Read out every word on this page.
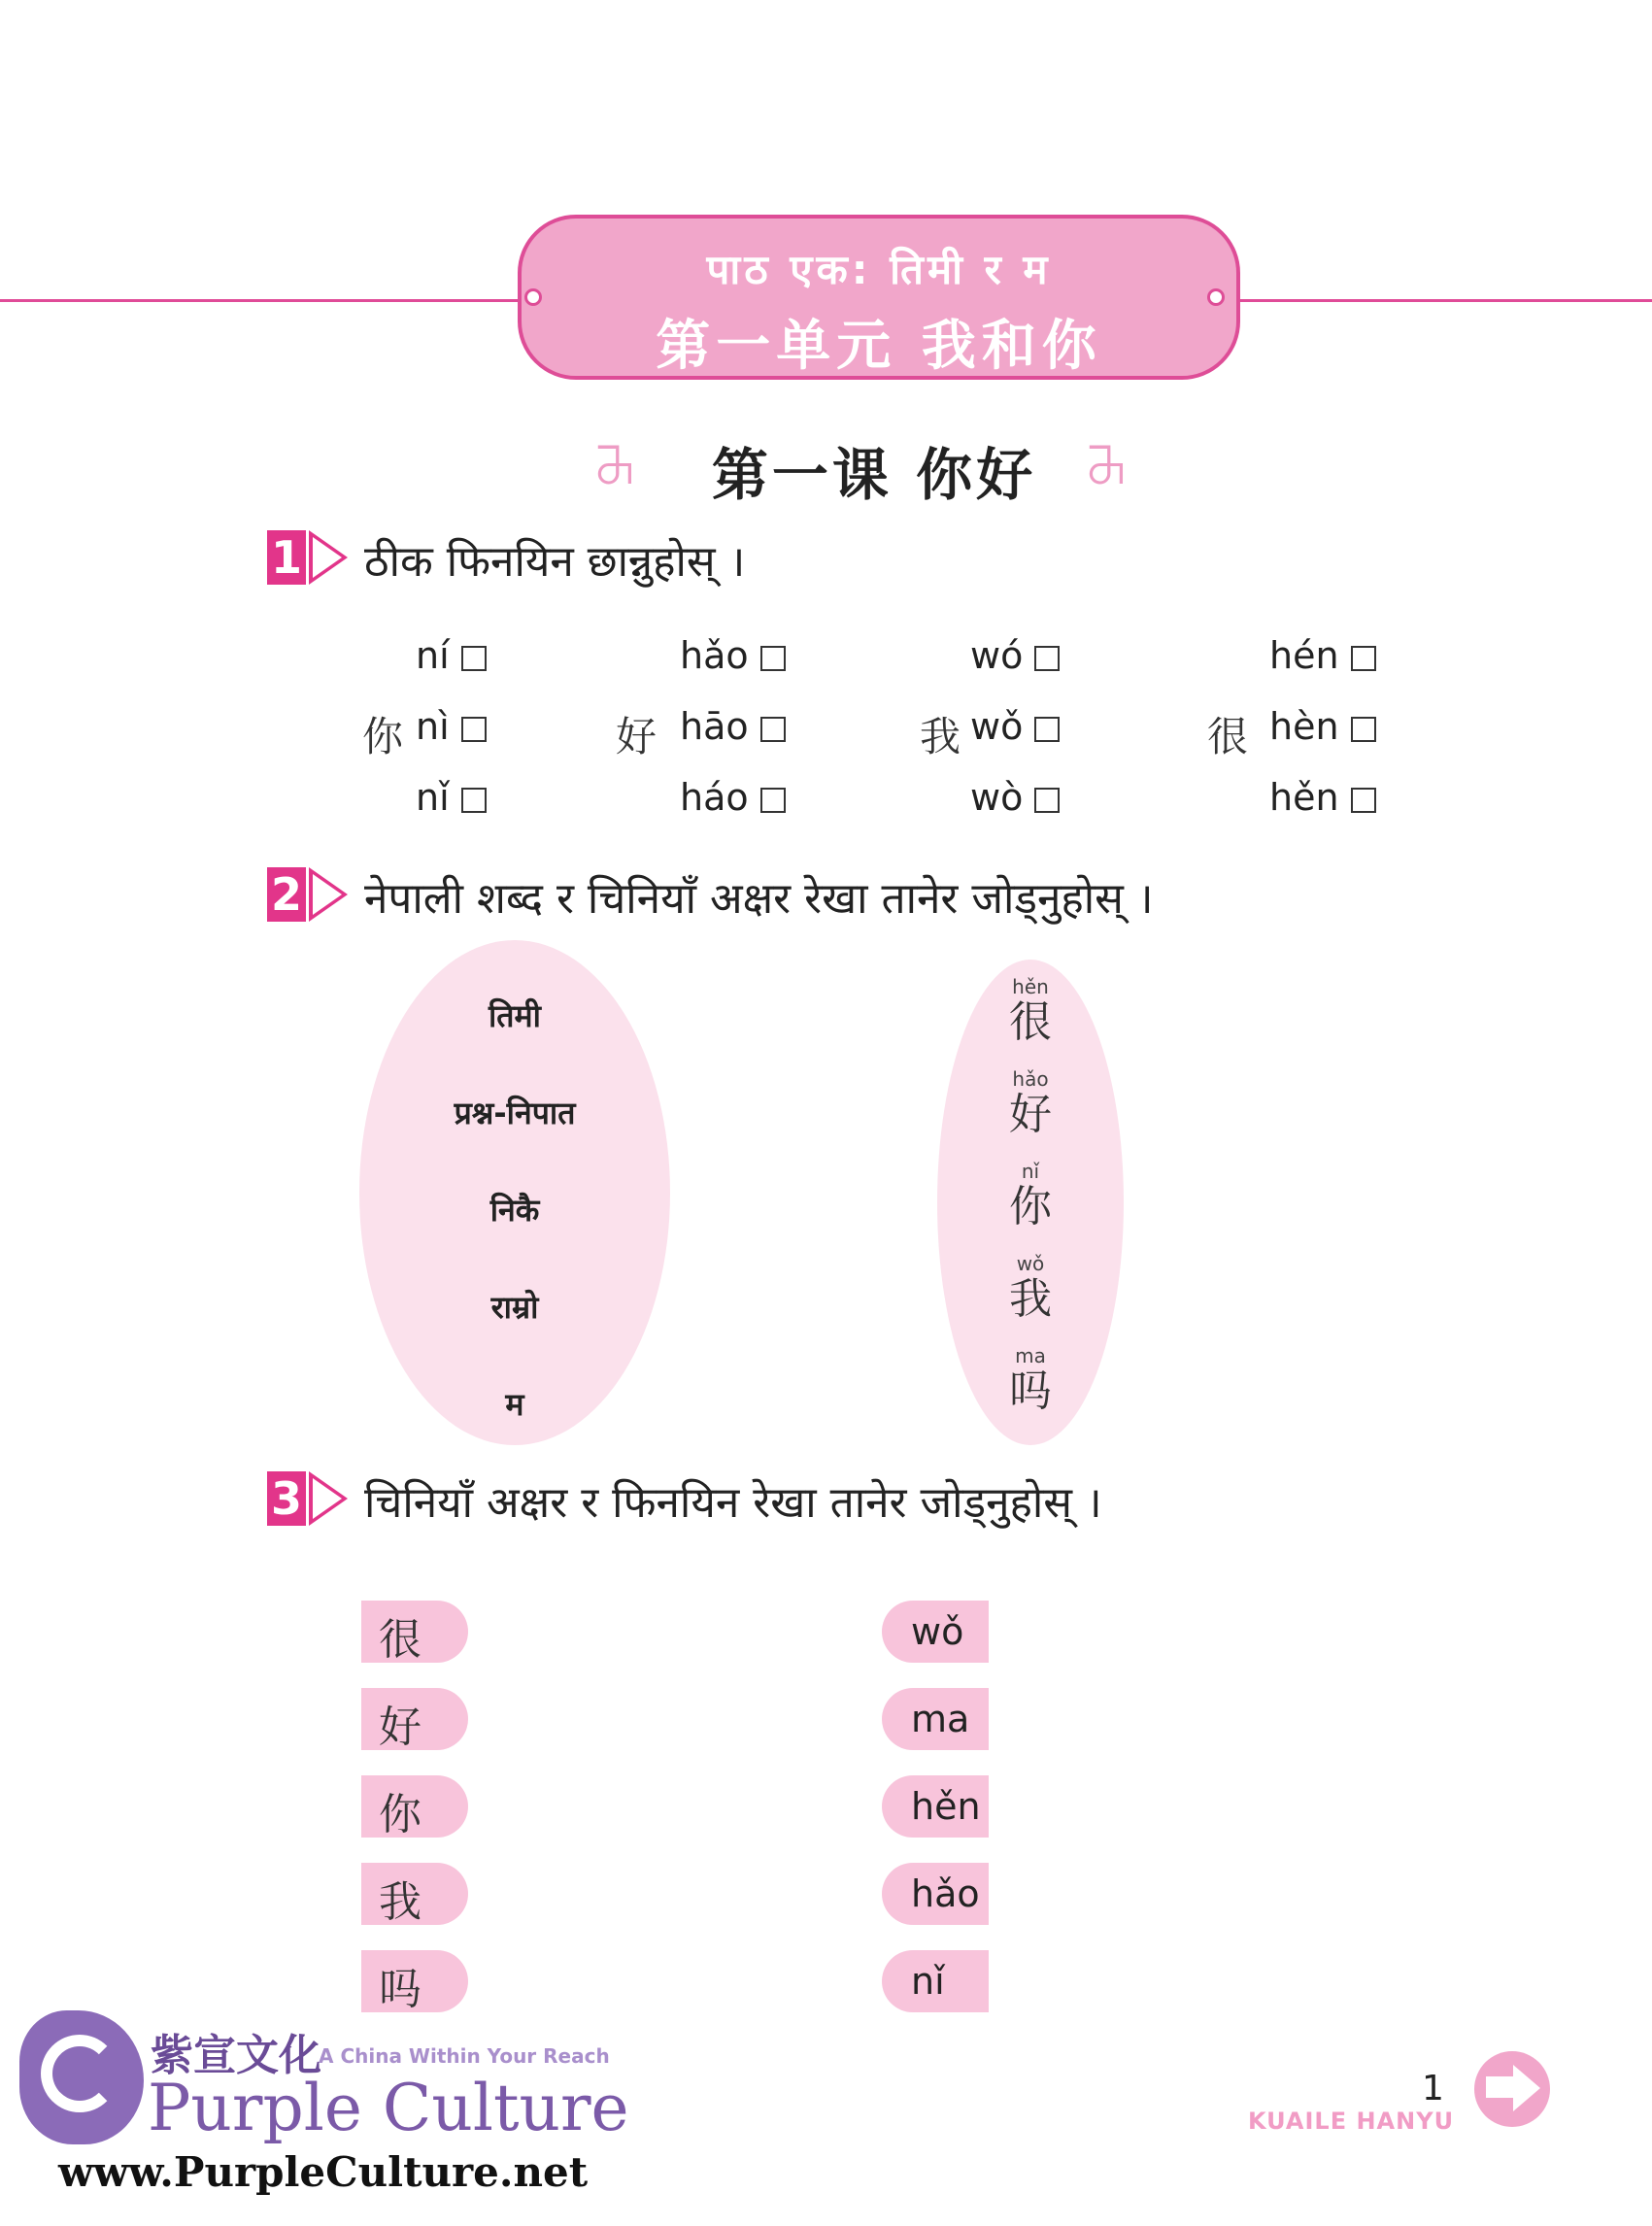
पाठ एक: तिमी र म
第一单元 我和你
ꔕ	第一课 你好 ꔕ
1 ठीक फिनयिन छान्नुहोस् ।
ní
你 nì
nǐ
hǎo
好 hāo
háo
wó
我 wǒ
wò
hén
很 hèn
hěn
2 नेपाली शब्द र चिनियाँ अक्षर रेखा तानेर जोड्नुहोस् ।
तिमी
प्रश्न-निपात
निकै
राम्रो
म
hěn
很
hǎo
好
nǐ
你
wǒ
我
ma
吗
3 चिनियाँ अक्षर र फिनयिन रेखा तानेर जोड्नुहोस् ।
很
好
你
我
吗
wǒ
ma
hěn
hǎo
nǐ
紫宣文化
A China Within Your Reach
Purple Culture
www.PurpleCulture.net
1
KUAILE HANYU
